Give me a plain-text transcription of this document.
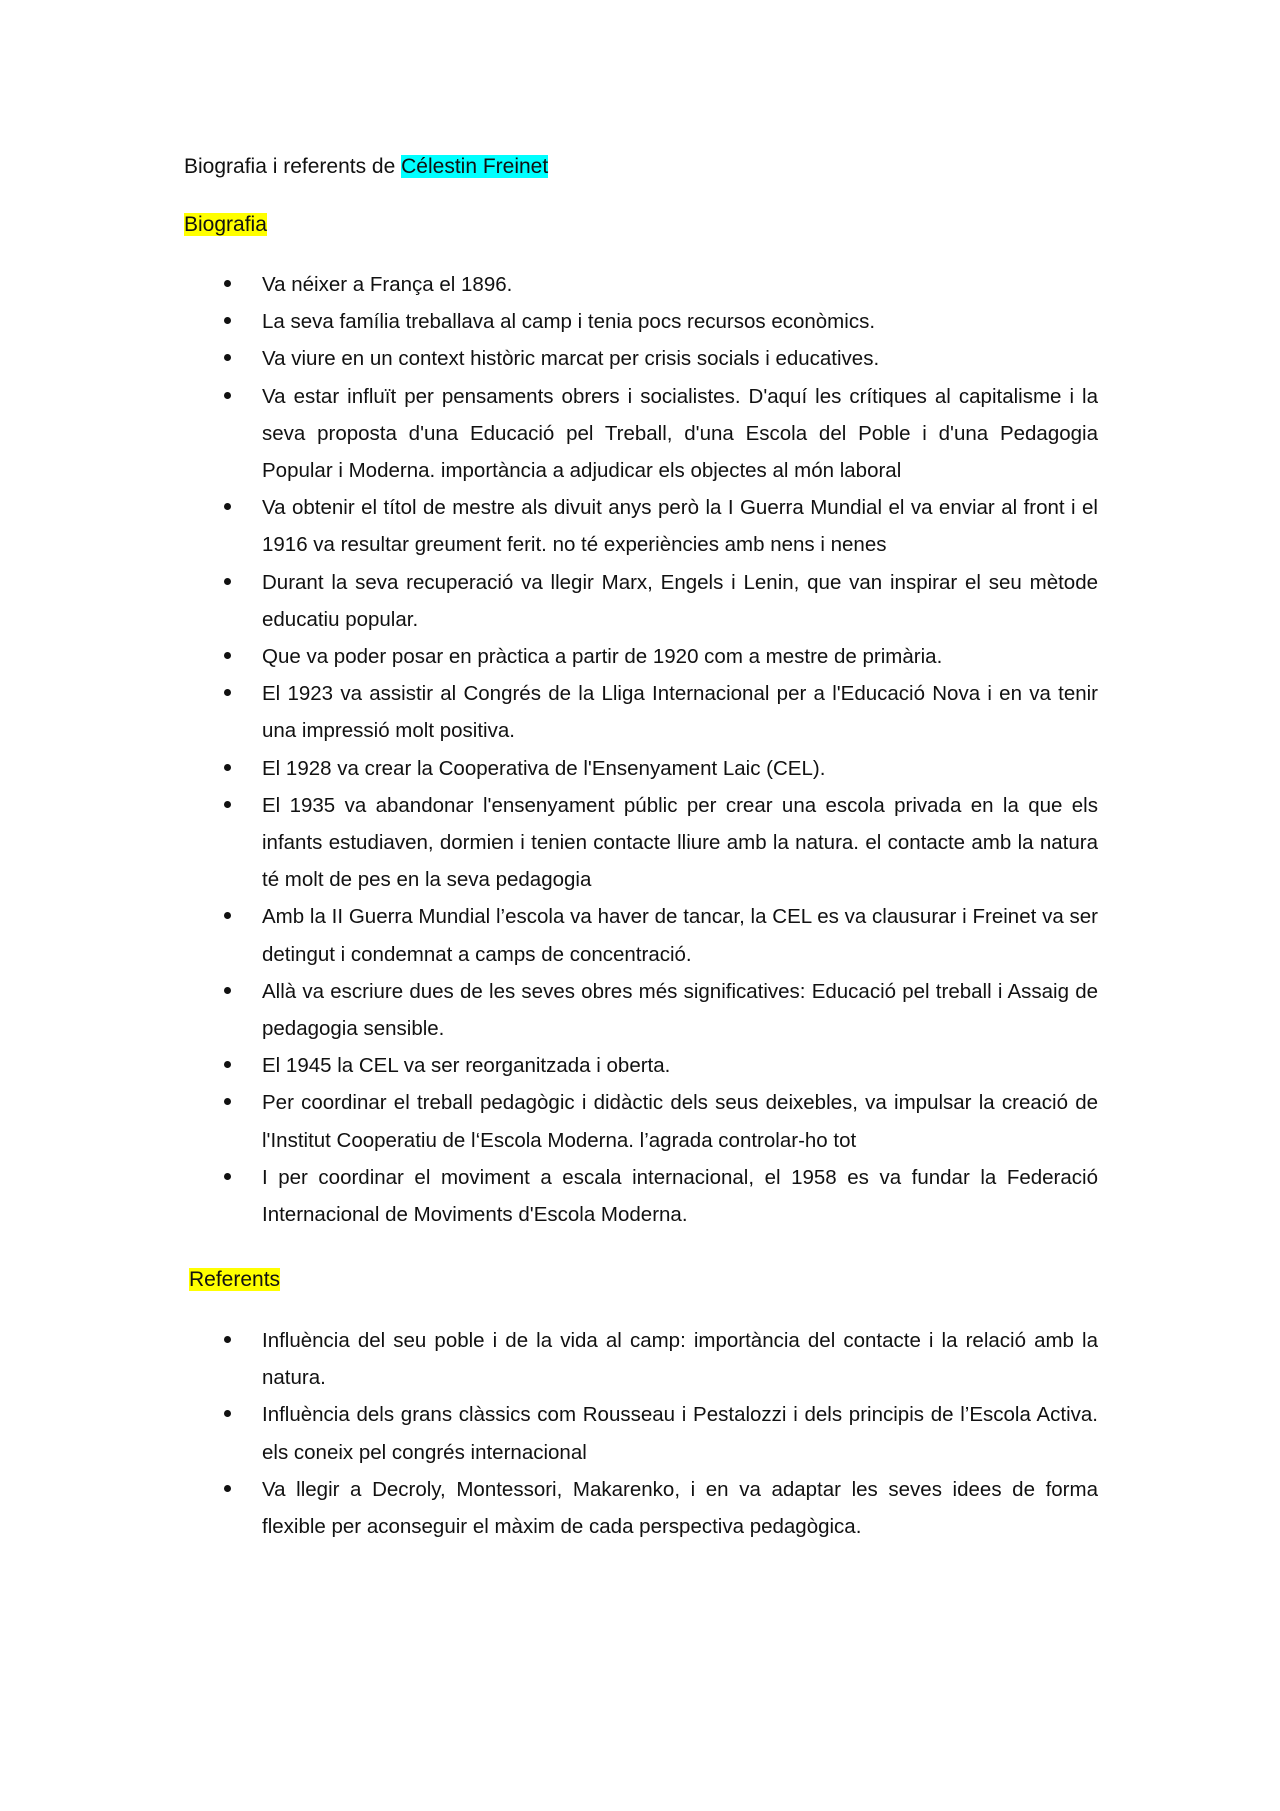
Biografia i referents de Célestin Freinet

Biografia

Va néixer a França el 1896.
La seva família treballava al camp i tenia pocs recursos econòmics.
Va viure en un context històric marcat per crisis socials i educatives.
Va estar influït per pensaments obrers i socialistes. D'aquí les crítiques al capitalisme i la seva proposta d'una Educació pel Treball, d'una Escola del Poble i d'una Pedagogia Popular i Moderna. importància a adjudicar els objectes al món laboral
Va obtenir el títol de mestre als divuit anys però la I Guerra Mundial el va enviar al front i el 1916 va resultar greument ferit. no té experiències amb nens i nenes
Durant la seva recuperació va llegir Marx, Engels i Lenin, que van inspirar el seu mètode educatiu popular.
Que va poder posar en pràctica a partir de 1920 com a mestre de primària.
El 1923 va assistir al Congrés de la Lliga Internacional per a l'Educació Nova i en va tenir una impressió molt positiva.
El 1928 va crear la Cooperativa de l'Ensenyament Laic (CEL).
El 1935 va abandonar l'ensenyament públic per crear una escola privada en la que els infants estudiaven, dormien i tenien contacte lliure amb la natura. el contacte amb la natura té molt de pes en la seva pedagogia
Amb la II Guerra Mundial l’escola va haver de tancar, la CEL es va clausurar i Freinet va ser detingut i condemnat a camps de concentració.
Allà va escriure dues de les seves obres més significatives: Educació pel treball i Assaig de pedagogia sensible.
El 1945 la CEL va ser reorganitzada i oberta.
Per coordinar el treball pedagògic i didàctic dels seus deixebles, va impulsar la creació de l'Institut Cooperatiu de l‘Escola Moderna. l’agrada controlar-ho tot
I per coordinar el moviment a escala internacional, el 1958 es va fundar la Federació Internacional de Moviments d'Escola Moderna.

Referents

Influència del seu poble i de la vida al camp: importància del contacte i la relació amb la natura.
Influència dels grans clàssics com Rousseau i Pestalozzi i dels principis de l’Escola Activa. els coneix pel congrés internacional
Va llegir a Decroly, Montessori, Makarenko, i en va adaptar les seves idees de forma flexible per aconseguir el màxim de cada perspectiva pedagògica.
